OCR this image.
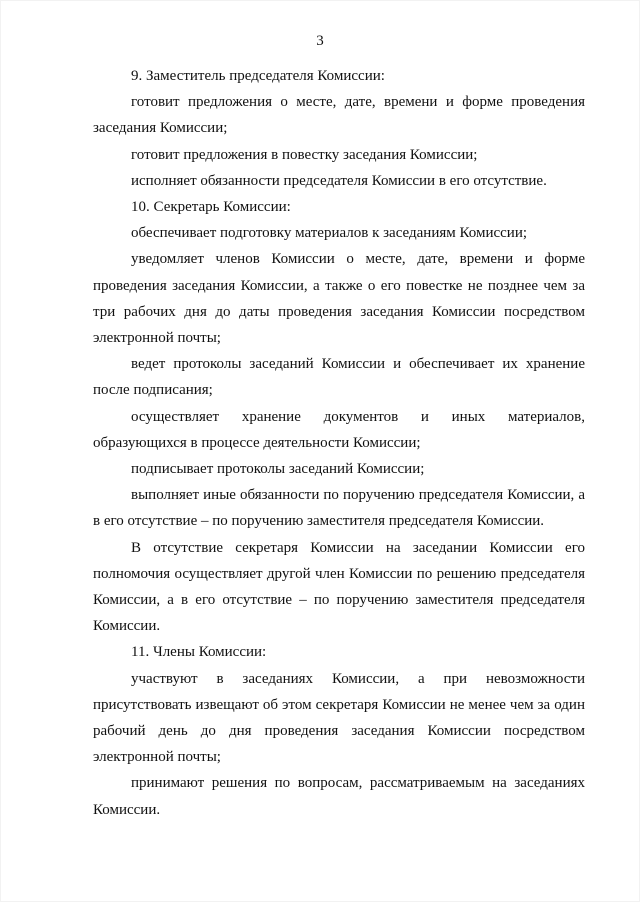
3

9. Заместитель председателя Комиссии:

готовит предложения о месте, дате, времени и форме проведения заседания Комиссии;

готовит предложения в повестку заседания Комиссии;

исполняет обязанности председателя Комиссии в его отсутствие.

10. Секретарь Комиссии:

обеспечивает подготовку материалов к заседаниям Комиссии;

уведомляет членов Комиссии о месте, дате, времени и форме проведения заседания Комиссии, а также о его повестке не позднее чем за три рабочих дня до даты проведения заседания Комиссии посредством электронной почты;

ведет протоколы заседаний Комиссии и обеспечивает их хранение после подписания;

осуществляет хранение документов и иных материалов, образующихся в процессе деятельности Комиссии;

подписывает протоколы заседаний Комиссии;

выполняет иные обязанности по поручению председателя Комиссии, а в его отсутствие – по поручению заместителя председателя Комиссии.

В отсутствие секретаря Комиссии на заседании Комиссии его полномочия осуществляет другой член Комиссии по решению председателя Комиссии, а в его отсутствие – по поручению заместителя председателя Комиссии.

11. Члены Комиссии:

участвуют в заседаниях Комиссии, а при невозможности присутствовать извещают об этом секретаря Комиссии не менее чем за один рабочий день до дня проведения заседания Комиссии посредством электронной почты;

принимают решения по вопросам, рассматриваемым на заседаниях Комиссии.
